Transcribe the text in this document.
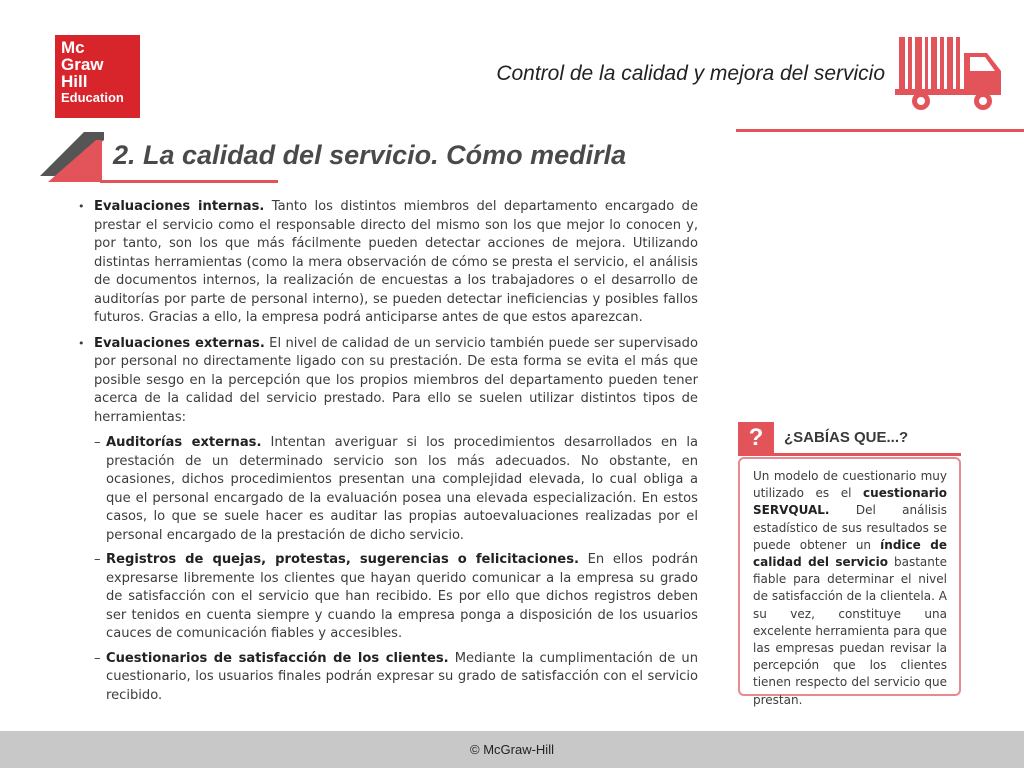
Mc
Graw
Hill
Education
Control de la calidad y mejora del servicio
2. La calidad del servicio. Cómo medirla
• Evaluaciones internas. Tanto los distintos miembros del departamento encargado de prestar el servicio como el responsable directo del mismo son los que mejor lo conocen y, por tanto, son los que más fácilmente pueden detectar acciones de mejora. Utilizando distintas herramientas (como la mera observación de cómo se presta el servicio, el análisis de documentos internos, la realización de encuestas a los trabajadores o el desarrollo de auditorías por parte de personal interno), se pueden detectar ineficiencias y posibles fallos futuros. Gracias a ello, la empresa podrá anticiparse antes de que estos aparezcan.
• Evaluaciones externas. El nivel de calidad de un servicio también puede ser supervisado por personal no directamente ligado con su prestación. De esta forma se evita el más que posible sesgo en la percepción que los propios miembros del departamento pueden tener acerca de la calidad del servicio prestado. Para ello se suelen utilizar distintos tipos de herramientas:
– Auditorías externas. Intentan averiguar si los procedimientos desarrollados en la prestación de un determinado servicio son los más adecuados. No obstante, en ocasiones, dichos procedimientos presentan una complejidad elevada, lo cual obliga a que el personal encargado de la evaluación posea una elevada especialización. En estos casos, lo que se suele hacer es auditar las propias autoevaluaciones realizadas por el personal encargado de la prestación de dicho servicio.
– Registros de quejas, protestas, sugerencias o felicitaciones. En ellos podrán expresarse libremente los clientes que hayan querido comunicar a la empresa su grado de satisfacción con el servicio que han recibido. Es por ello que dichos registros deben ser tenidos en cuenta siempre y cuando la empresa ponga a disposición de los usuarios cauces de comunicación fiables y accesibles.
– Cuestionarios de satisfacción de los clientes. Mediante la cumplimentación de un cuestionario, los usuarios finales podrán expresar su grado de satisfacción con el servicio recibido.
?	¿SABÍAS QUE...?
Un modelo de cuestionario muy utilizado es el cuestionario SERVQUAL. Del análisis estadístico de sus resultados se puede obtener un índice de calidad del servicio bastante fiable para determinar el nivel de satisfacción de la clientela. A su vez, constituye una excelente herramienta para que las empresas puedan revisar la percepción que los clientes tienen respecto del servicio que prestan.
© McGraw-Hill
